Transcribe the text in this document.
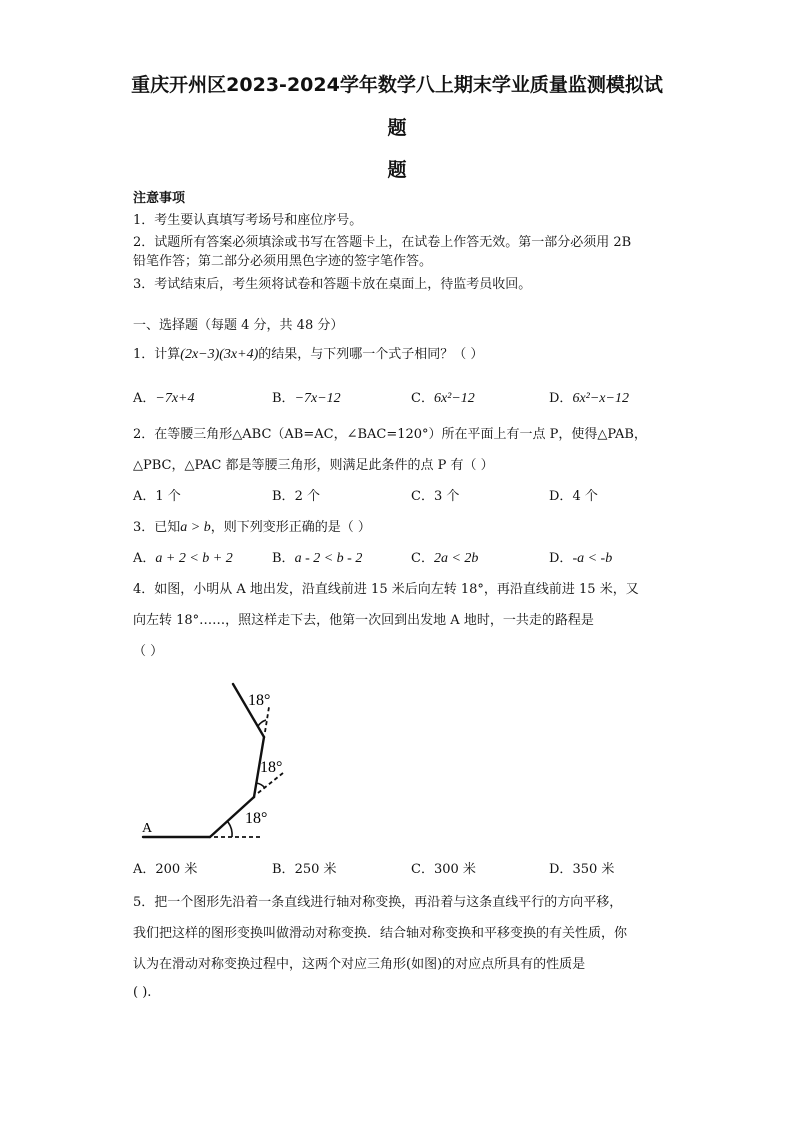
重庆开州区2023-2024学年数学八上期末学业质量监测模拟试
题
题
注意事项
1．考生要认真填写考场号和座位序号。
2．试题所有答案必须填涂或书写在答题卡上，在试卷上作答无效。第一部分必须用 2B
铅笔作答；第二部分必须用黑色字迹的签字笔作答。
3．考试结束后，考生须将试卷和答题卡放在桌面上，待监考员收回。
一、选择题（每题 4 分，共 48 分）
1．计算(2x−3)(3x+4)的结果，与下列哪一个式子相同？（ ）
A．−7x+4	B．−7x−12	C．6x²−12	D．6x²−x−12
2．在等腰三角形△ABC（AB=AC，∠BAC=120°）所在平面上有一点 P，使得△PAB，
△PBC，△PAC 都是等腰三角形，则满足此条件的点 P 有（ ）
A．1 个	B．2 个	C．3 个	D．4 个
3．已知a > b，则下列变形正确的是（ ）
A．a + 2 < b + 2	B．a - 2 < b - 2	C．2a < 2b	D．-a < -b
4．如图，小明从 A 地出发，沿直线前进 15 米后向左转 18°，再沿直线前进 15 米，又
向左转 18°……，照这样走下去，他第一次回到出发地 A 地时，一共走的路程是
（ ）
A
18°
18°
18°
A．200 米	B．250 米	C．300 米	D．350 米
5．把一个图形先沿着一条直线进行轴对称变换，再沿着与这条直线平行的方向平移，
我们把这样的图形变换叫做滑动对称变换．结合轴对称变换和平移变换的有关性质，你
认为在滑动对称变换过程中，这两个对应三角形(如图)的对应点所具有的性质是
( ).
